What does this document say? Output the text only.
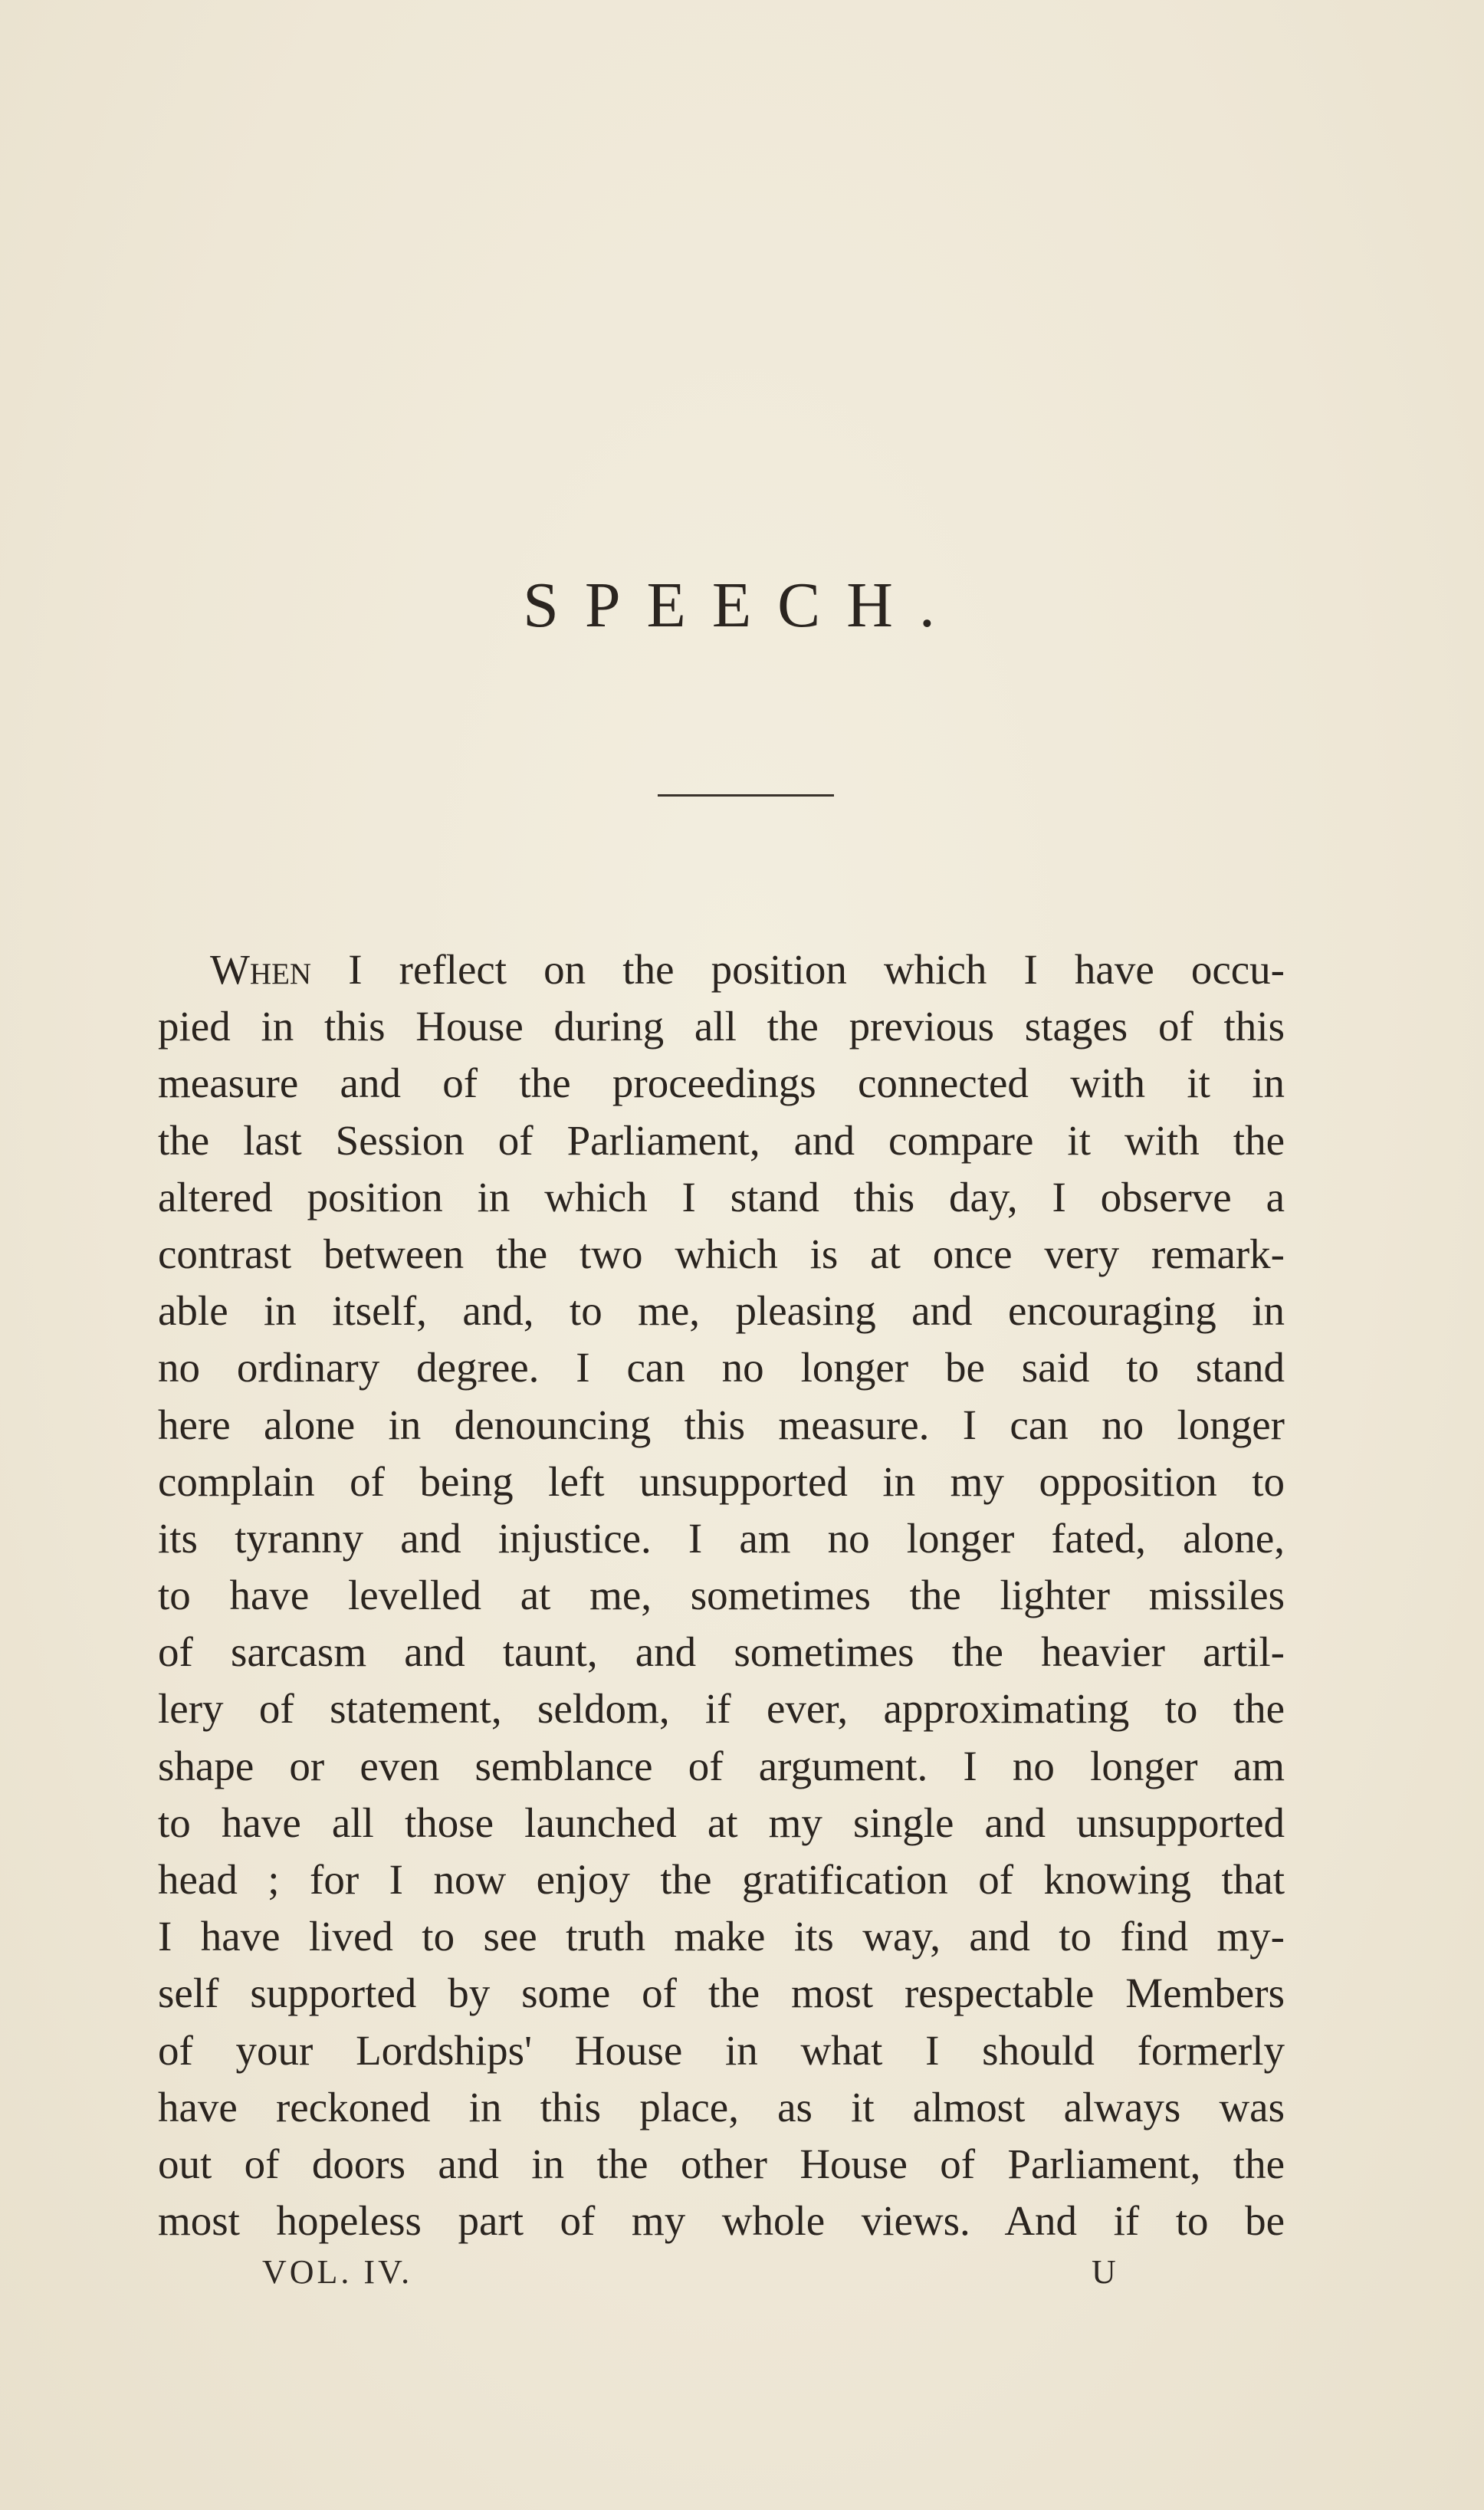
SPEECH.
When I reflect on the position which I have occu-
pied in this House during all the previous stages of this
measure and of the proceedings connected with it in
the last Session of Parliament, and compare it with the
altered position in which I stand this day, I observe a
contrast between the two which is at once very remark-
able in itself, and, to me, pleasing and encouraging in
no ordinary degree. I can no longer be said to stand
here alone in denouncing this measure. I can no longer
complain of being left unsupported in my opposition to
its tyranny and injustice. I am no longer fated, alone,
to have levelled at me, sometimes the lighter missiles
of sarcasm and taunt, and sometimes the heavier artil-
lery of statement, seldom, if ever, approximating to the
shape or even semblance of argument. I no longer am
to have all those launched at my single and unsupported
head ; for I now enjoy the gratification of knowing that
I have lived to see truth make its way, and to find my-
self supported by some of the most respectable Members
of your Lordships' House in what I should formerly
have reckoned in this place, as it almost always was
out of doors and in the other House of Parliament, the
most hopeless part of my whole views. And if to be
VOL. IV.	U
